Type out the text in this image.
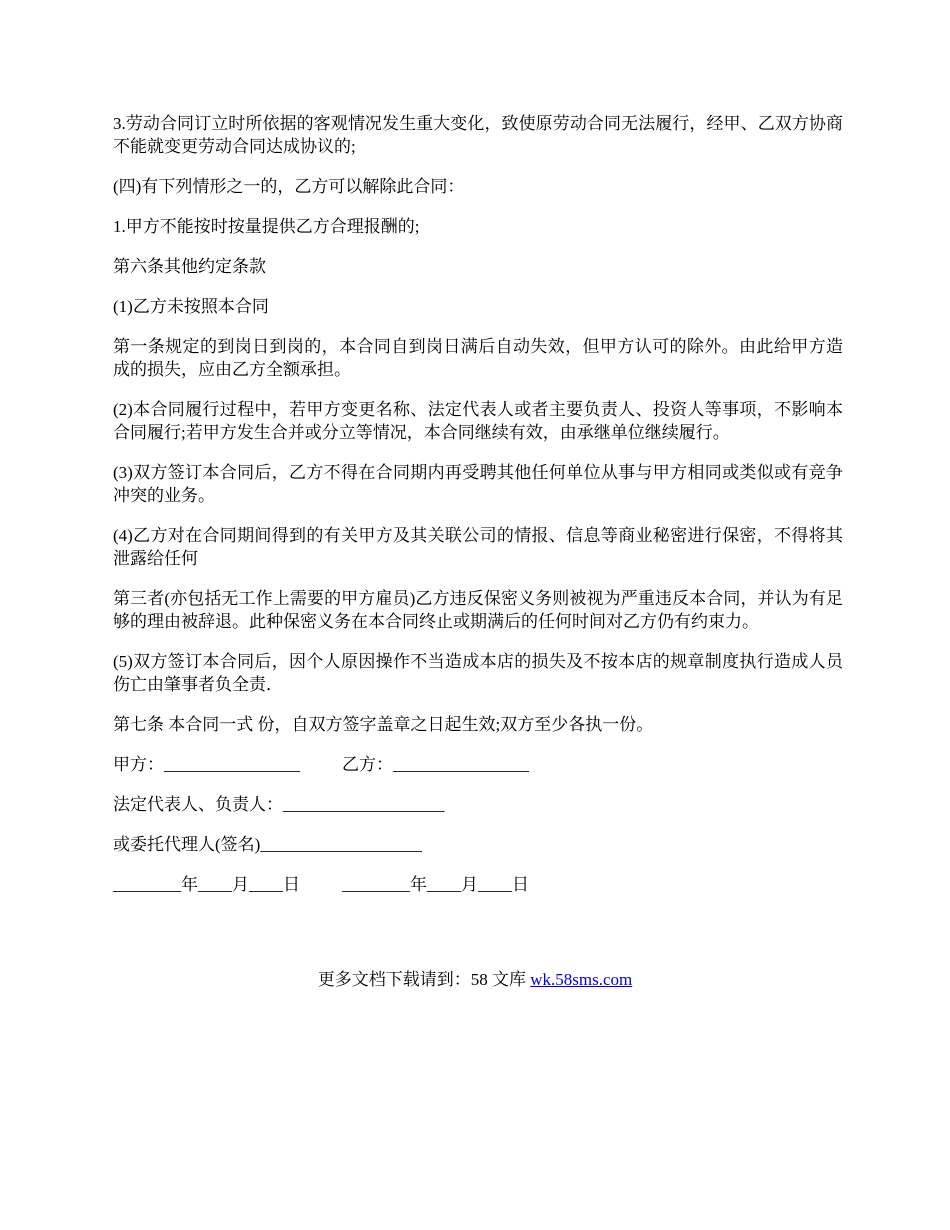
3.劳动合同订立时所依据的客观情况发生重大变化，致使原劳动合同无法履行，经甲、乙双方协商不能就变更劳动合同达成协议的;

(四)有下列情形之一的，乙方可以解除此合同：

1.甲方不能按时按量提供乙方合理报酬的;

第六条其他约定条款

(1)乙方未按照本合同

第一条规定的到岗日到岗的，本合同自到岗日满后自动失效，但甲方认可的除外。由此给甲方造成的损失，应由乙方全额承担。

(2)本合同履行过程中，若甲方变更名称、法定代表人或者主要负责人、投资人等事项，不影响本合同履行;若甲方发生合并或分立等情况，本合同继续有效，由承继单位继续履行。

(3)双方签订本合同后，乙方不得在合同期内再受聘其他任何单位从事与甲方相同或类似或有竞争冲突的业务。

(4)乙方对在合同期间得到的有关甲方及其关联公司的情报、信息等商业秘密进行保密，不得将其泄露给任何

第三者(亦包括无工作上需要的甲方雇员)乙方违反保密义务则被视为严重违反本合同，并认为有足够的理由被辞退。此种保密义务在本合同终止或期满后的任何时间对乙方仍有约束力。

(5)双方签订本合同后，因个人原因操作不当造成本店的损失及不按本店的规章制度执行造成人员伤亡由肇事者负全责．

第七条 本合同一式 份，自双方签字盖章之日起生效;双方至少各执一份。

甲方：________________ 乙方：________________
法定代表人、负责人：___________________
或委托代理人(签名)___________________
________年____月____日 ________年____月____日
更多文档下载请到：58 文库 wk.58sms.com
